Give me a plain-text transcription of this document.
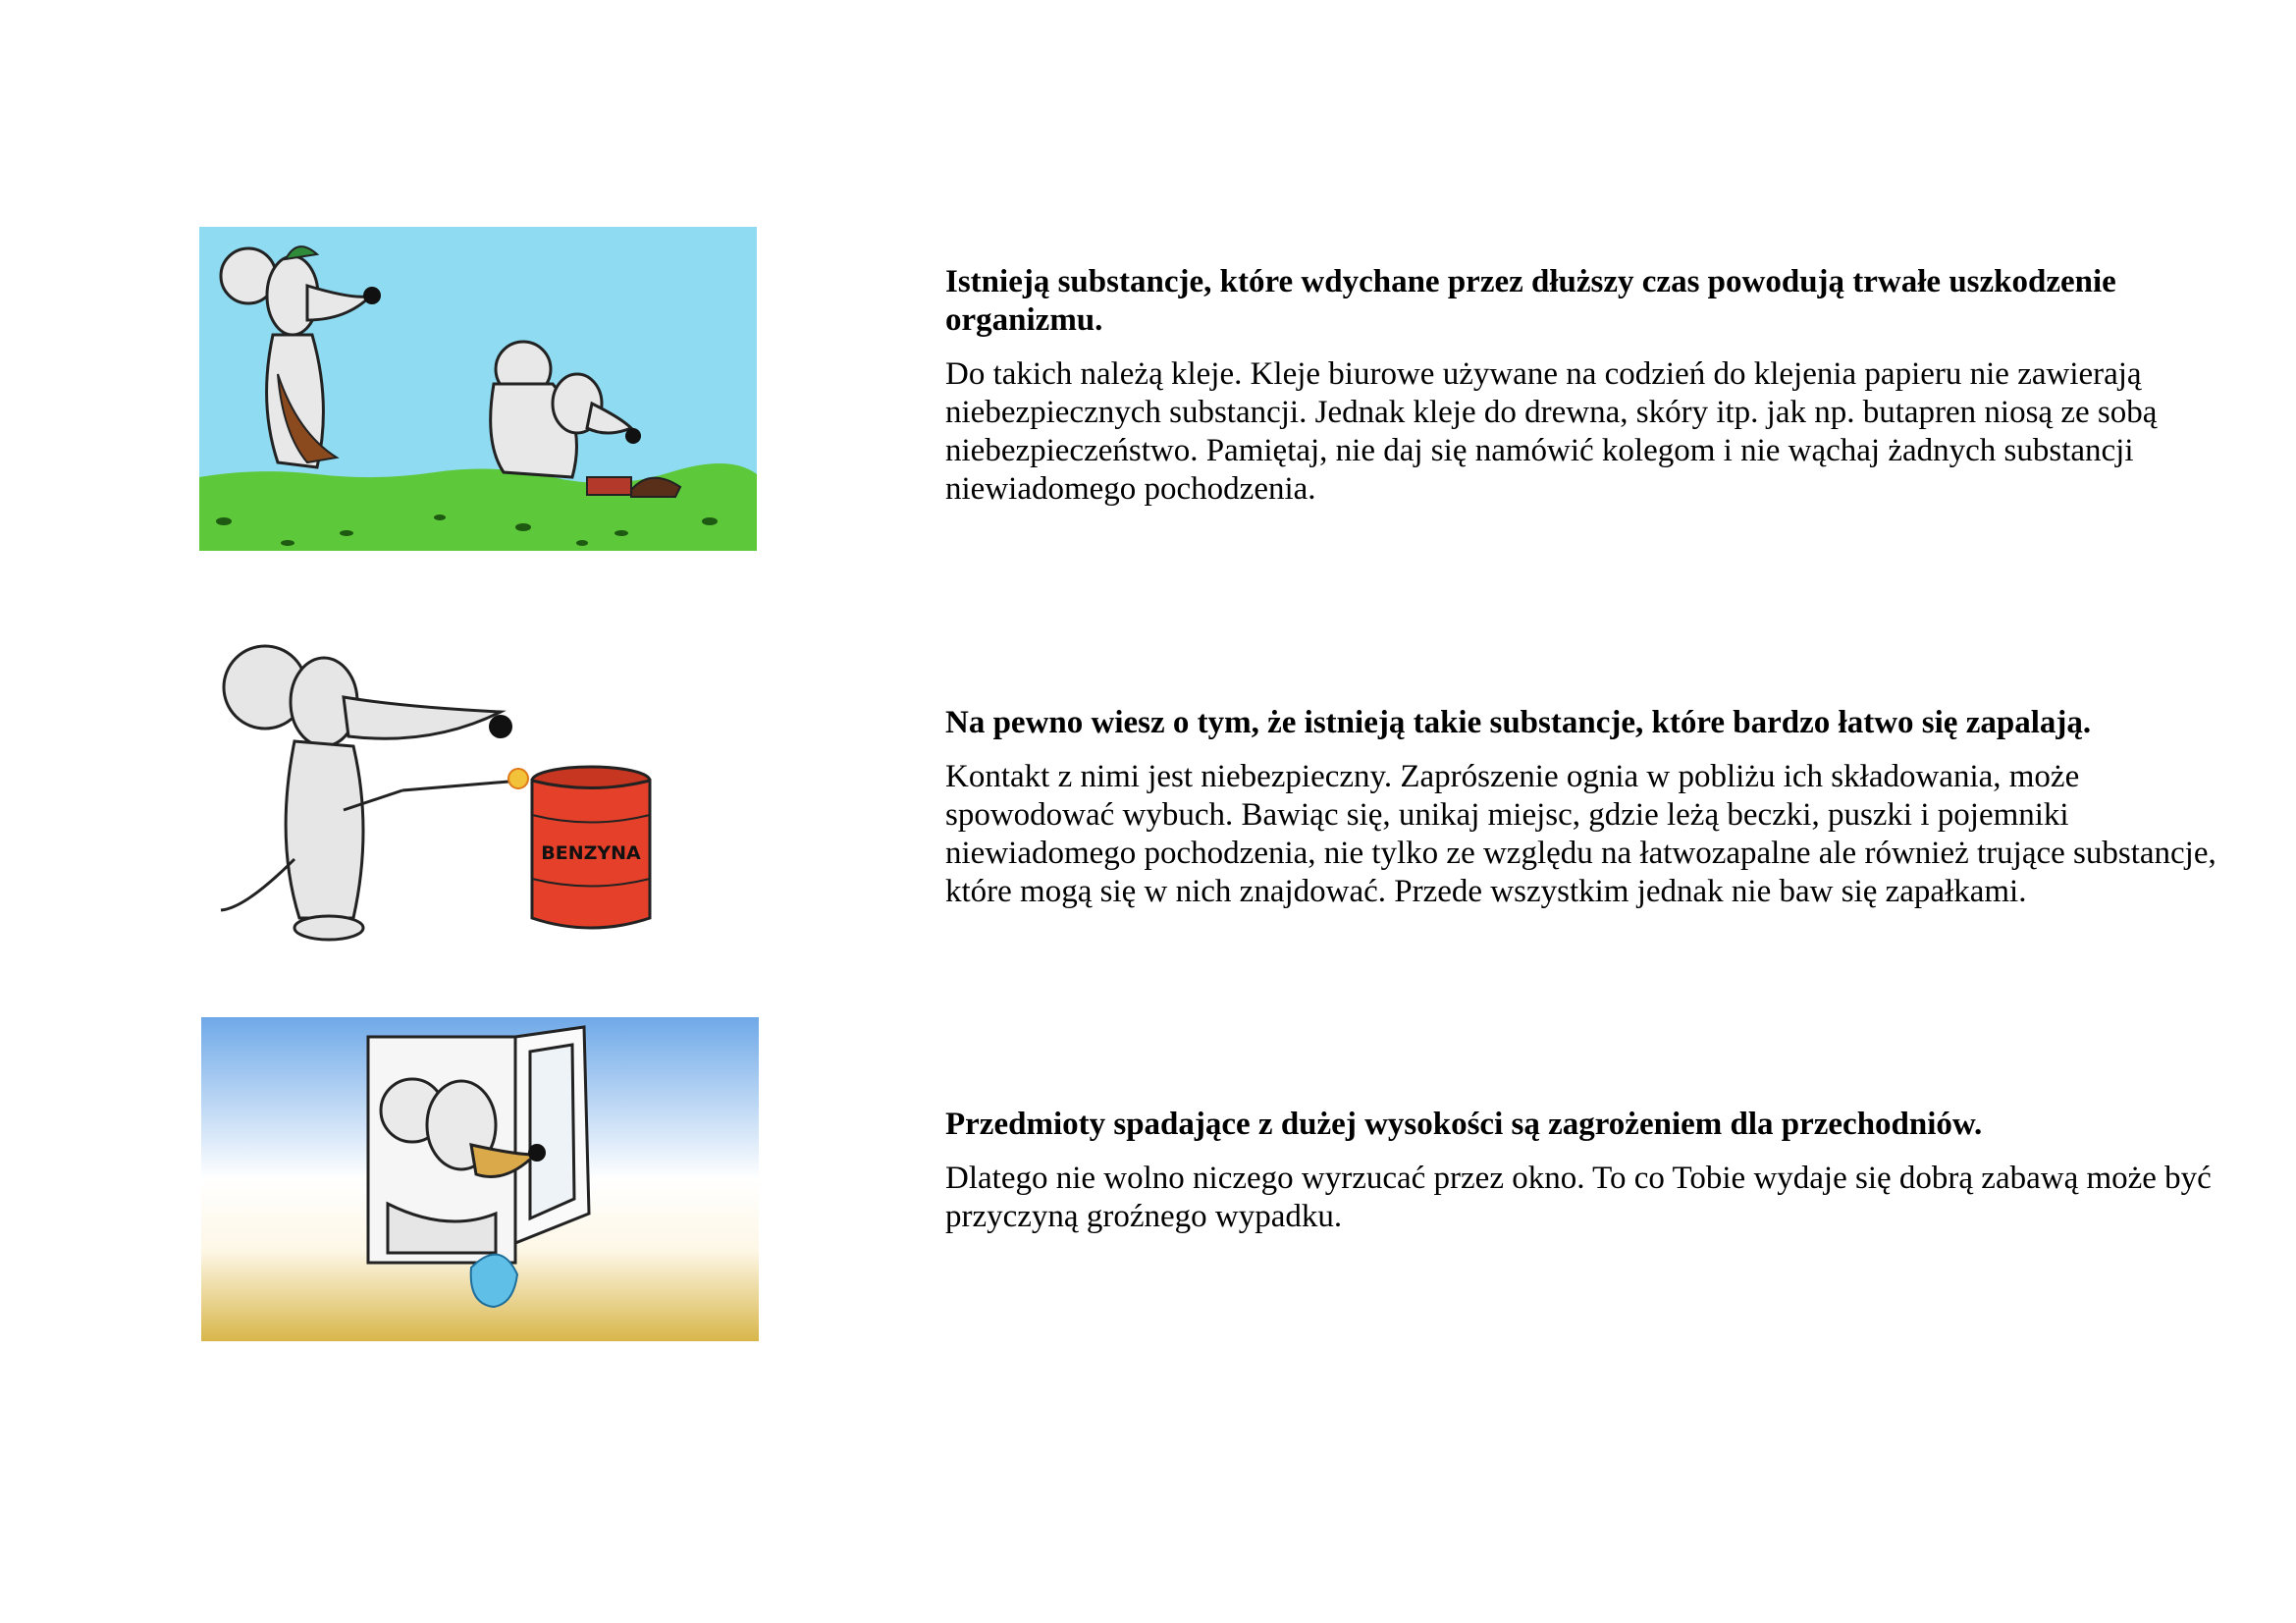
BENZYNA

Istnieją substancje, które wdychane przez dłuższy czas powodują trwałe uszkodzenie organizmu.

Do takich należą kleje. Kleje biurowe używane na codzień do klejenia papieru nie zawierają niebezpiecznych substancji. Jednak kleje do drewna, skóry itp. jak np. butapren niosą ze sobą niebezpieczeństwo. Pamiętaj, nie daj się namówić kolegom i nie wąchaj żadnych substancji niewiadomego pochodzenia.

Na pewno wiesz o tym, że istnieją takie substancje, które bardzo łatwo się zapalają.

Kontakt z nimi jest niebezpieczny. Zaprószenie ognia w pobliżu ich składowania, może spowodować wybuch. Bawiąc się, unikaj miejsc, gdzie leżą beczki, puszki i pojemniki niewiadomego pochodzenia, nie tylko ze względu na łatwozapalne ale również trujące substancje, które mogą się w nich znajdować. Przede wszystkim jednak nie baw się zapałkami.

Przedmioty spadające z dużej wysokości są zagrożeniem dla przechodniów.

Dlatego nie wolno niczego wyrzucać przez okno. To co Tobie wydaje się dobrą zabawą może być przyczyną groźnego wypadku.
